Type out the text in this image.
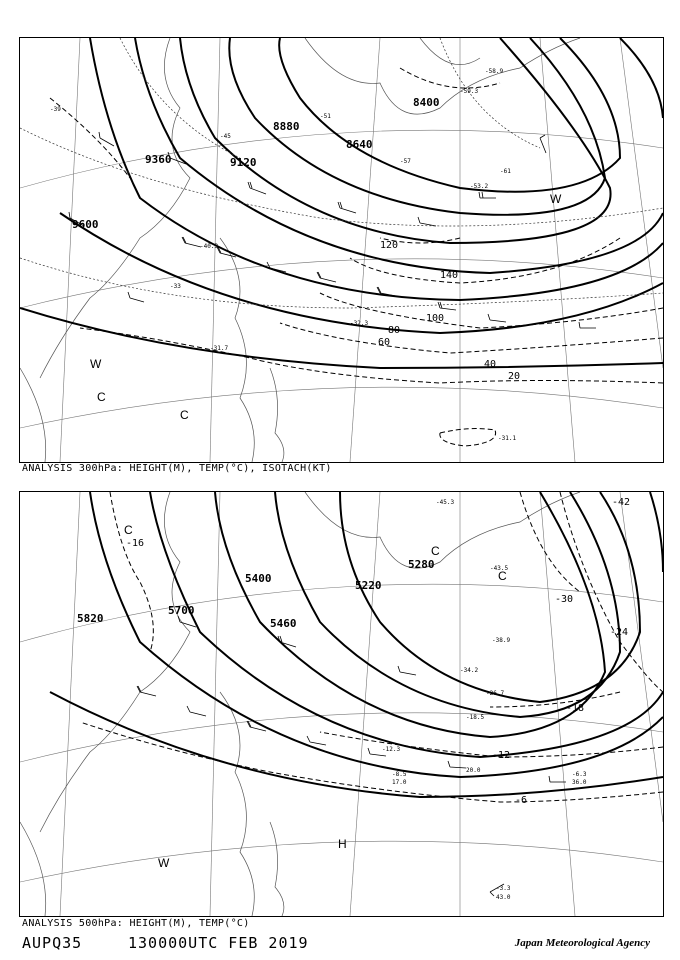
8400
8640
8880
9120
9360
9600
20
40
60
80
100
120
140
-39
-45
-51
-57
-61
-33
-31.7
-32.3
-40.3
-53.2
-59.3
-58.9
-31.1
C
C
W
W
ANALYSIS 300hPa: HEIGHT(M), TEMP(°C), ISOTACH(KT)
5220
5280
5400
5460
5700
5820
-6
-12
-18
-24
-30
-42
-16
-45.3
-43.5
-38.9
-34.2
-26.7
-18.5
-12.3
-8.5	-6.3
-3.3
43.0
17.0	36.0
20.0
C
C
C
W
H
ANALYSIS 500hPa: HEIGHT(M), TEMP(°C)
AUPQ35	130000UTC FEB 2019	Japan Meteorological Agency
